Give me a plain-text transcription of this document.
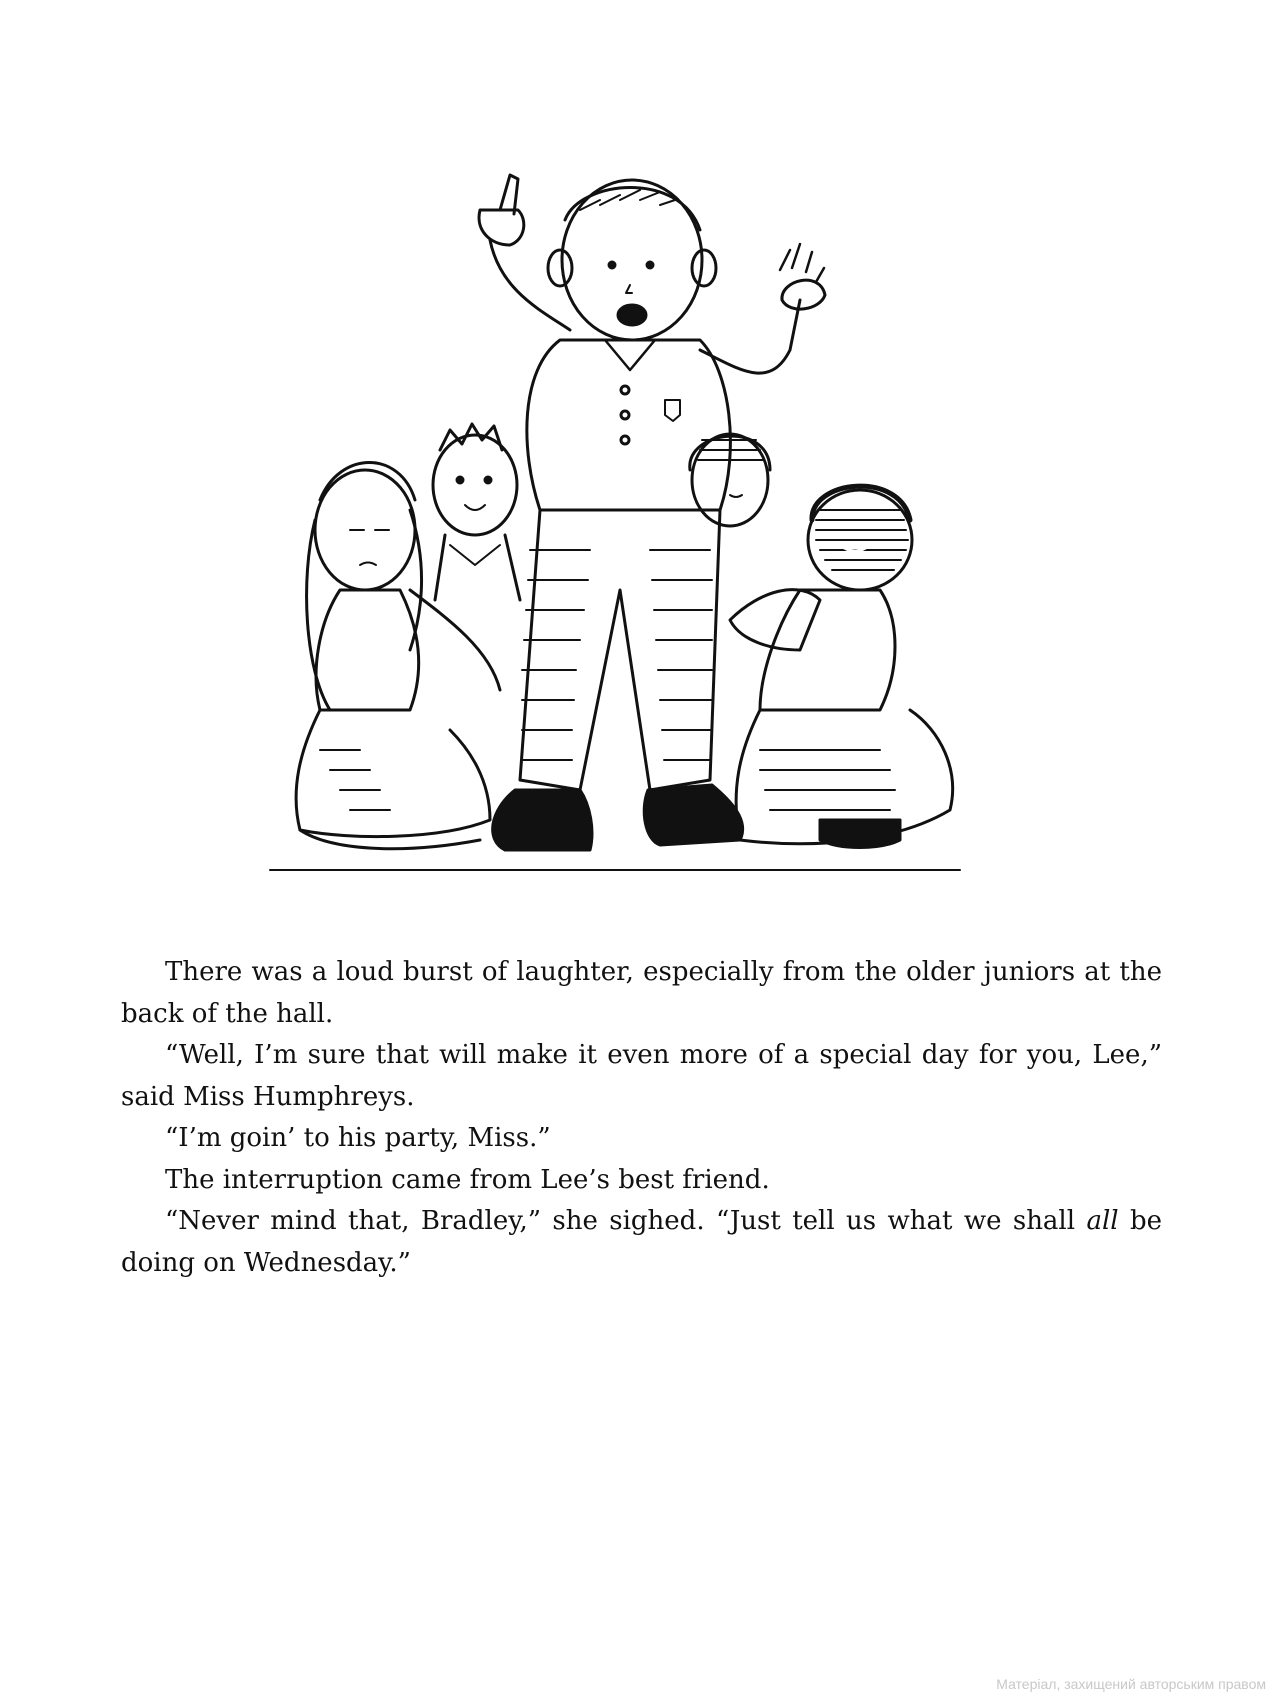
There was a loud burst of laughter, especially from the older juniors at the back of the hall.

“Well, I’m sure that will make it even more of a special day for you, Lee,” said Miss Humphreys.

“I’m goin’ to his party, Miss.”

The interruption came from Lee’s best friend.

“Never mind that, Bradley,” she sighed. “Just tell us what we shall all be doing on Wednesday.”

Матеріал, захищений авторським правом
